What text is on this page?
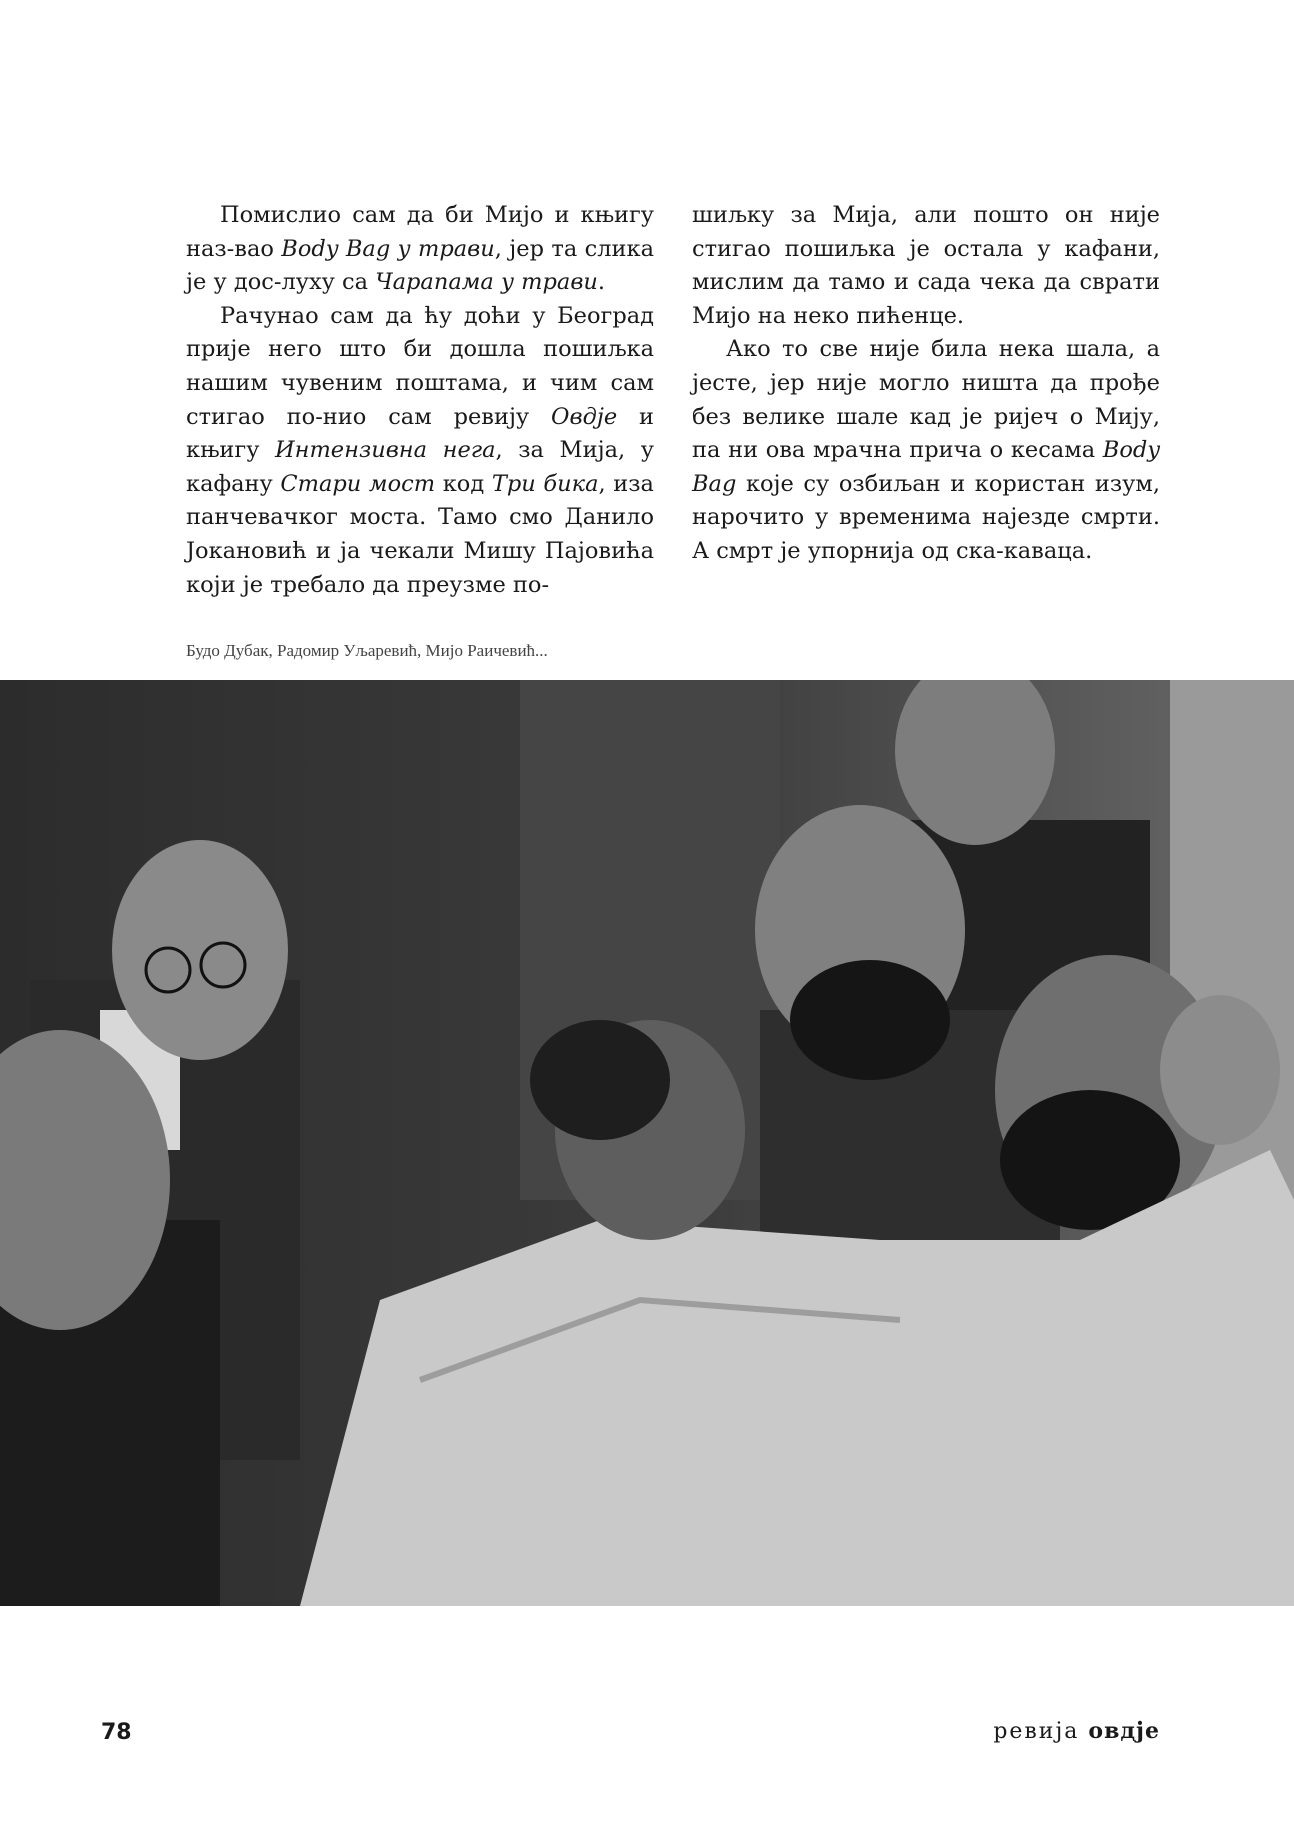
Помислио сам да би Мијо и књигу наз-вао Body Bag у трави, јер та слика је у дос-луху са Чарапама у трави.

Рачунао сам да ћу доћи у Београд прије него што би дошла пошиљка нашим чувеним поштама, и чим сам стигао по-нио сам ревију Овдје и књигу Интензивна нега, за Мија, у кафану Стари мост код Три бика, иза панчевачког моста. Тамо смо Данило Јокановић и ја чекали Мишу Пајовића који је требало да преузме по-

шиљку за Мија, али пошто он није стигао пошиљка је остала у кафани, мислим да тамо и сада чека да сврати Мијо на неко пићенце.

Ако то све није била нека шала, а јесте, јер није могло ништа да прође без велике шале кад је ријеч о Мију, па ни ова мрачна прича о кесама Body Bag које су озбиљан и користан изум, нарочито у временима најезде смрти. А смрт је упорнија од ска-каваца.

Будо Дубак, Радомир Уљаревић, Мијо Раичевић...
78	ревија овдје
